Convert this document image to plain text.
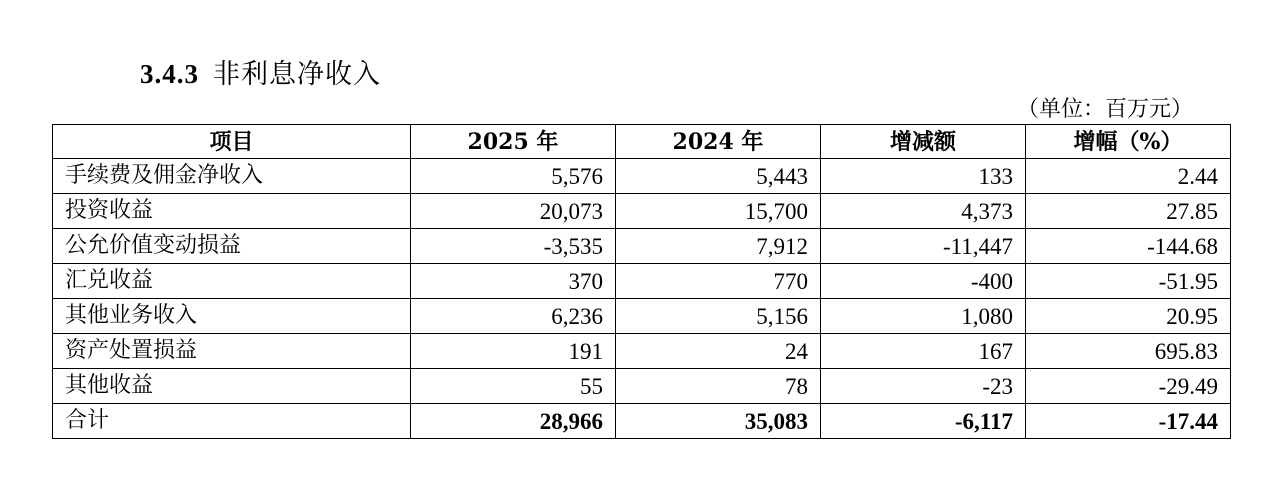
3.4.3 非利息净收入
（单位：百万元）
项目	2025 年	2024 年	增减额	增幅（%）
手续费及佣金净收入	5,576	5,443	133	2.44
投资收益	20,073	15,700	4,373	27.85
公允价值变动损益	-3,535	7,912	-11,447	-144.68
汇兑收益	370	770	-400	-51.95
其他业务收入	6,236	5,156	1,080	20.95
资产处置损益	191	24	167	695.83
其他收益	55	78	-23	-29.49
合计	28,966	35,083	-6,117	-17.44
